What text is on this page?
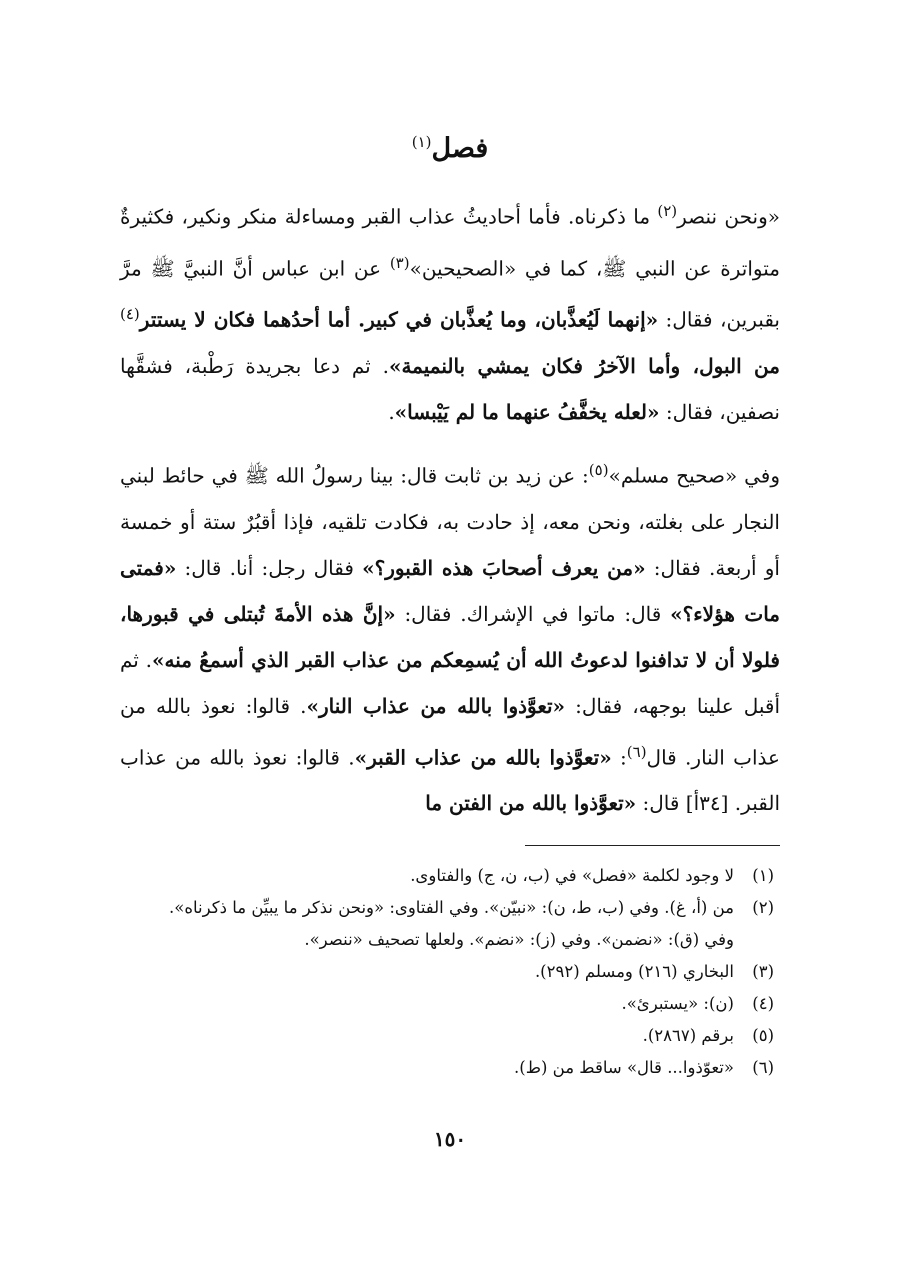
فصل$^{(١)}$

«ونحن ننصر$^{(٢)}$ ما ذكرناه. فأما أحاديثُ عذاب القبر ومساءلة منكر ونكير، فكثيرةٌ متواترة عن النبي ﷺ، كما في «الصحيحين»$^{(٣)}$ عن ابن عباس أنَّ النبيَّ ﷺ مرَّ بقبرين، فقال: «إنهما لَيُعذَّبان، وما يُعذَّبان في كبير. أما أحدُهما فكان لا يستتر$^{(٤)}$ من البول، وأما الآخرُ فكان يمشي بالنميمة». ثم دعا بجريدة رَطْبة، فشقَّها نصفين، فقال: «لعله يخفَّفُ عنهما ما لم يَيْبسا».

وفي «صحيح مسلم»$^{(٥)}$: عن زيد بن ثابت قال: بينا رسولُ الله ﷺ في حائط لبني النجار على بغلته، ونحن معه، إذ حادت به، فكادت تلقيه، فإذا أقبُرٌ ستة أو خمسة أو أربعة. فقال: «من يعرف أصحابَ هذه القبور؟» فقال رجل: أنا. قال: «فمتى مات هؤلاء؟» قال: ماتوا في الإشراك. فقال: «إنَّ هذه الأمةَ تُبتلى في قبورها، فلولا أن لا تدافنوا لدعوتُ الله أن يُسمِعكم من عذاب القبر الذي أسمعُ منه». ثم أقبل علينا بوجهه، فقال: «تعوَّذوا بالله من عذاب النار». قالوا: نعوذ بالله من عذاب النار. قال$^{(٦)}$: «تعوَّذوا بالله من عذاب القبر». قالوا: نعوذ بالله من عذاب القبر. [٣٤أ] قال: «تعوَّذوا بالله من الفتن ما

(١)لا وجود لكلمة «فصل» في (ب، ن، ج) والفتاوى.
(٢)من (أ، غ). وفي (ب، ط، ن): «نبيّن». وفي الفتاوى: «ونحن نذكر ما يبيِّن ما ذكرناه».
وفي (ق): «نضمن». وفي (ز): «نضم». ولعلها تصحيف «ننصر».
(٣)البخاري (٢١٦) ومسلم (٢٩٢).
(٤)(ن): «يستبرئ».
(٥)برقم (٢٨٦٧).
(٦)«تعوّذوا... قال» ساقط من (ط).
١٥٠
